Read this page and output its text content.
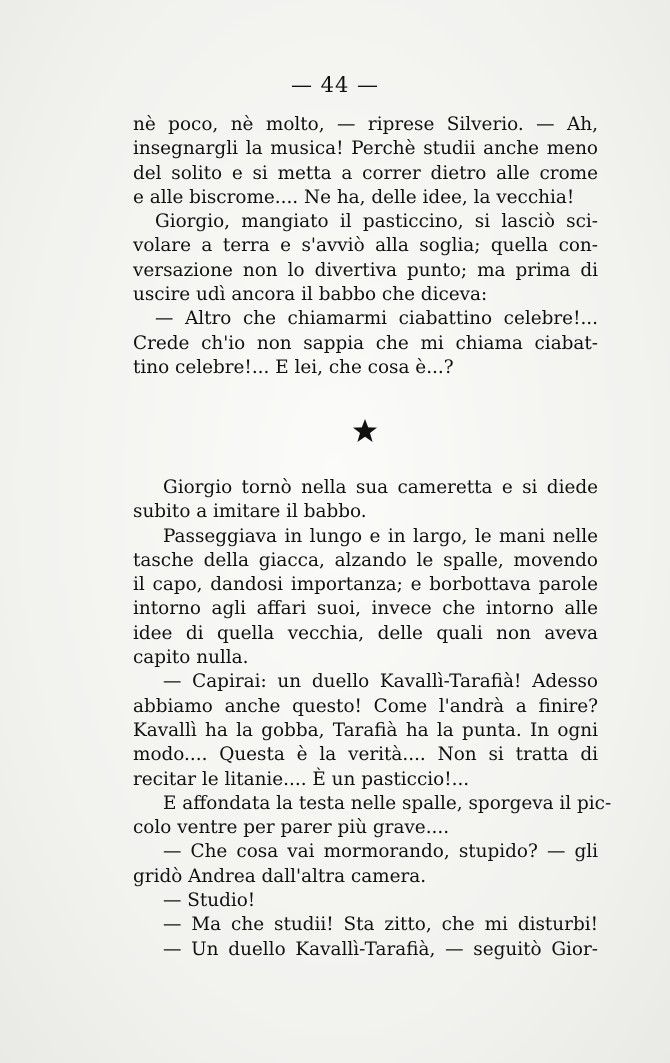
— 44 —
nè poco, nè molto, — riprese Silverio. — Ah,
insegnargli la musica! Perchè studii anche meno
del solito e si metta a correr dietro alle crome
e alle biscrome.... Ne ha, delle idee, la vecchia!
Giorgio, mangiato il pasticcino, si lasciò sci-
volare a terra e s'avviò alla soglia; quella con-
versazione non lo divertiva punto; ma prima di
uscire udì ancora il babbo che diceva:
— Altro che chiamarmi ciabattino celebre!...
Crede ch'io non sappia che mi chiama ciabat-
tino celebre!... E lei, che cosa è...?
Giorgio tornò nella sua cameretta e si diede
subito a imitare il babbo.
Passeggiava in lungo e in largo, le mani nelle
tasche della giacca, alzando le spalle, movendo
il capo, dandosi importanza; e borbottava parole
intorno agli affari suoi, invece che intorno alle
idee di quella vecchia, delle quali non aveva
capito nulla.
— Capirai: un duello Kavallì-Tarafià! Adesso
abbiamo anche questo! Come l'andrà a finire?
Kavallì ha la gobba, Tarafià ha la punta. In ogni
modo.... Questa è la verità.... Non si tratta di
recitar le litanie.... È un pasticcio!...
E affondata la testa nelle spalle, sporgeva il pic-
colo ventre per parer più grave....
— Che cosa vai mormorando, stupido? — gli
gridò Andrea dall'altra camera.
— Studio!
— Ma che studii! Sta zitto, che mi disturbi!
— Un duello Kavallì-Tarafià, — seguitò Gior-
